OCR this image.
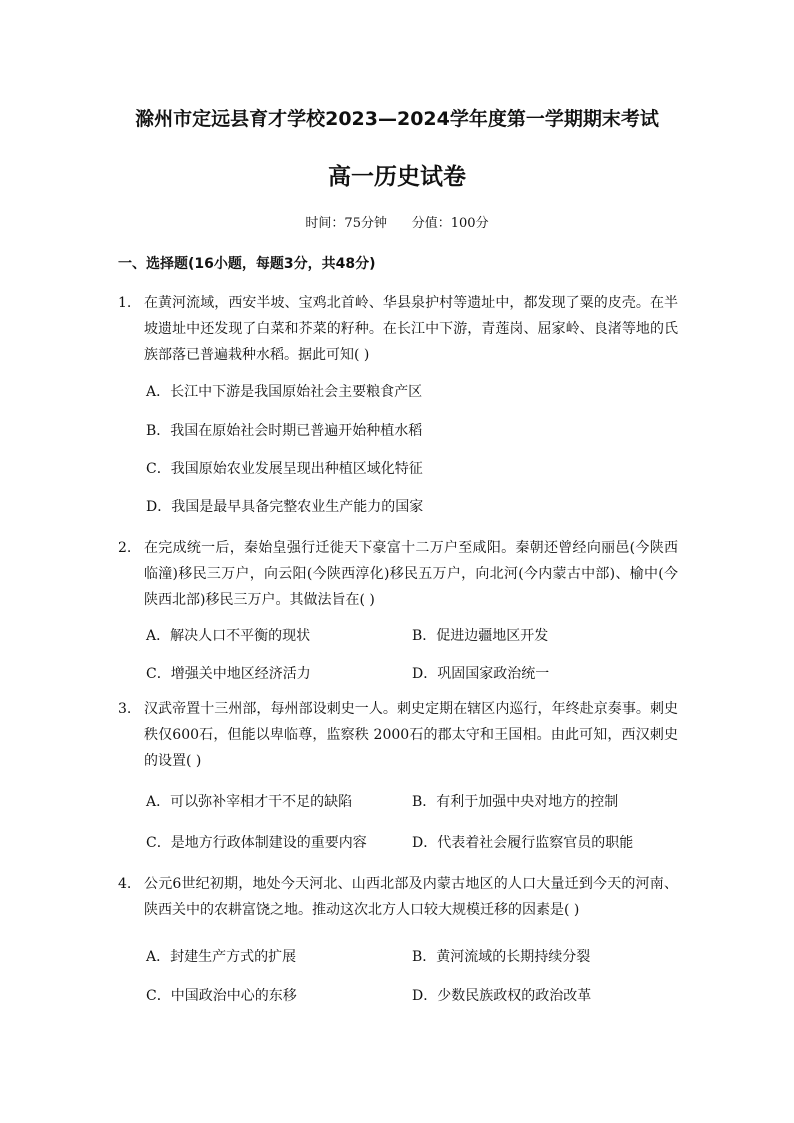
滁州市定远县育才学校2023—2024学年度第一学期期末考试
高一历史试卷
时间：75分钟      分值：100分
一、选择题(16小题，每题3分，共48分)
1. 在黄河流域，西安半坡、宝鸡北首岭、华县泉护村等遗址中，都发现了粟的皮壳。在半坡遗址中还发现了白菜和芥菜的籽种。在长江中下游，青莲岗、屈家岭、良渚等地的氏族部落已普遍栽种水稻。据此可知( )
A．长江中下游是我国原始社会主要粮食产区
B．我国在原始社会时期已普遍开始种植水稻
C．我国原始农业发展呈现出种植区域化特征
D．我国是最早具备完整农业生产能力的国家
2. 在完成统一后，秦始皇强行迁徙天下豪富十二万户至咸阳。秦朝还曾经向丽邑(今陕西临潼)移民三万户，向云阳(今陕西淳化)移民五万户，向北河(今内蒙古中部)、榆中(今陕西北部)移民三万户。其做法旨在( )
A．解决人口不平衡的现状	B．促进边疆地区开发
C．增强关中地区经济活力	D．巩固国家政治统一
3. 汉武帝置十三州部，每州部设刺史一人。刺史定期在辖区内巡行，年终赴京奏事。刺史秩仅600石，但能以卑临尊，监察秩 2000石的郡太守和王国相。由此可知，西汉刺史的设置( )
A．可以弥补宰相才干不足的缺陷	B．有利于加强中央对地方的控制
C．是地方行政体制建设的重要内容	D．代表着社会履行监察官员的职能
4. 公元6世纪初期，地处今天河北、山西北部及内蒙古地区的人口大量迁到今天的河南、陕西关中的农耕富饶之地。推动这次北方人口较大规模迁移的因素是( )
A．封建生产方式的扩展	B．黄河流域的长期持续分裂
C．中国政治中心的东移	D．少数民族政权的政治改革
